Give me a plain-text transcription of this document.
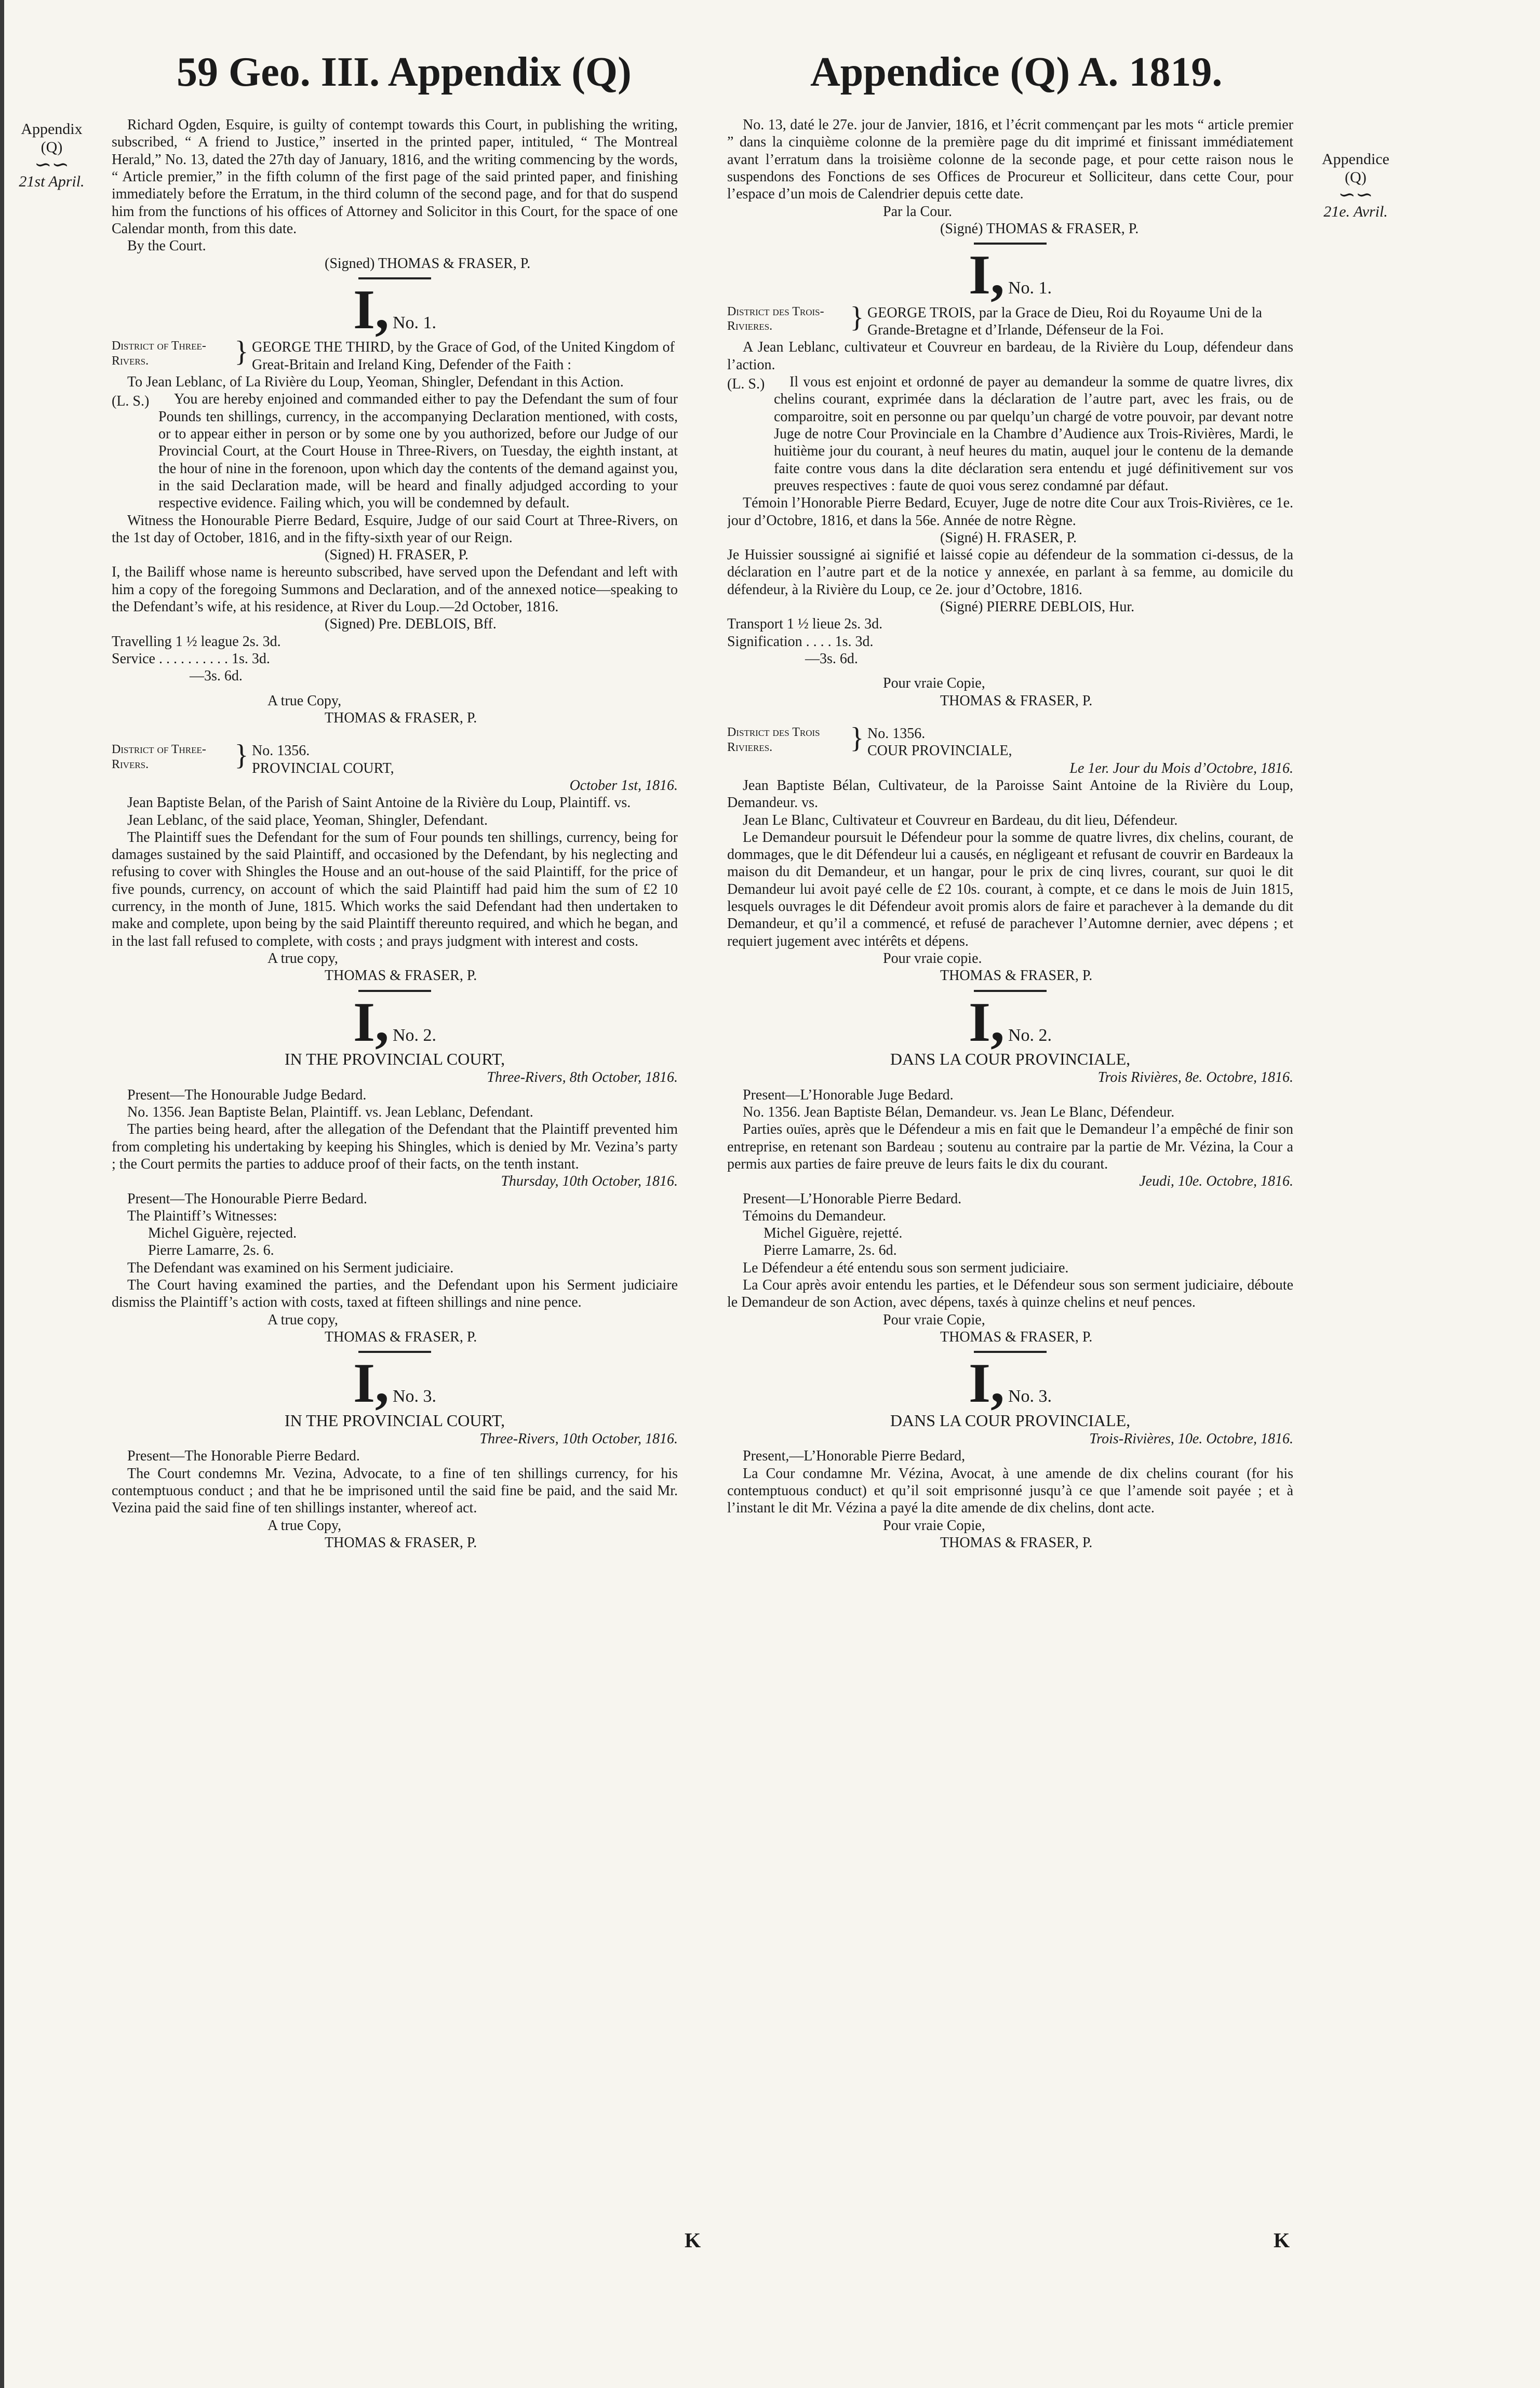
59 Geo. III. Appendix (Q)	Appendice (Q) A. 1819.
Appendix
(Q)
∽∽
21st April.
Appendice
(Q)
∽∽
21e. Avril.

Richard Ogden, Esquire, is guilty of contempt towards this Court, in publishing the writing, subscribed, “ A friend to Justice,” inserted in the printed paper, intituled, “ The Montreal Herald,” No. 13, dated the 27th day of January, 1816, and the writing commencing by the words, “ Article premier,” in the fifth column of the first page of the said printed paper, and finishing immediately before the Erratum, in the third column of the second page, and for that do suspend him from the functions of his offices of Attorney and Solicitor in this Court, for the space of one Calendar month, from this date.

By the Court.

(Signed) THOMAS & FRASER, P.

I, No. 1.
District of Three-Rivers.	} GEORGE THE THIRD, by the Grace of God, of the United Kingdom of Great-Britain and Ireland King, Defender of the Faith :

To Jean Leblanc, of La Rivière du Loup, Yeoman, Shingler, Defendant in this Action.

(L. S.)	You are hereby enjoined and commanded either to pay the Defendant the sum of four Pounds ten shillings, currency, in the accompanying Declaration mentioned, with costs, or to appear either in person or by some one by you authorized, before our Judge of our Provincial Court, at the Court House in Three-Rivers, on Tuesday, the eighth instant, at the hour of nine in the forenoon, upon which day the contents of the demand against you, in the said Declaration made, will be heard and finally adjudged according to your respective evidence. Failing which, you will be condemned by default.

Witness the Honourable Pierre Bedard, Esquire, Judge of our said Court at Three-Rivers, on the 1st day of October, 1816, and in the fifty-sixth year of our Reign.

(Signed) H. FRASER, P.

I, the Bailiff whose name is hereunto subscribed, have served upon the Defendant and left with him a copy of the foregoing Summons and Declaration, and of the annexed notice—speaking to the Defendant’s wife, at his residence, at River du Loup.—2d October, 1816.

(Signed) Pre. DEBLOIS, Bff.

Travelling 1 ½ league 2s. 3d.

Service . . . . . . . . . . 1s. 3d.

—3s. 6d.

A true Copy,

THOMAS & FRASER, P.

District of Three-Rivers.	} No. 1356.
PROVINCIAL COURT,

October 1st, 1816.

Jean Baptiste Belan, of the Parish of Saint Antoine de la Rivière du Loup, Plaintiff. vs.

Jean Leblanc, of the said place, Yeoman, Shingler, Defendant.

The Plaintiff sues the Defendant for the sum of Four pounds ten shillings, currency, being for damages sustained by the said Plaintiff, and occasioned by the Defendant, by his neglecting and refusing to cover with Shingles the House and an out-house of the said Plaintiff, for the price of five pounds, currency, on account of which the said Plaintiff had paid him the sum of £2 10 currency, in the month of June, 1815. Which works the said Defendant had then undertaken to make and complete, upon being by the said Plaintiff thereunto required, and which he began, and in the last fall refused to complete, with costs ; and prays judgment with interest and costs.

A true copy,

THOMAS & FRASER, P.

I, No. 2.

IN THE PROVINCIAL COURT,

Three-Rivers, 8th October, 1816.

Present—The Honourable Judge Bedard.

No. 1356. Jean Baptiste Belan, Plaintiff. vs. Jean Leblanc, Defendant.

The parties being heard, after the allegation of the Defendant that the Plaintiff prevented him from completing his undertaking by keeping his Shingles, which is denied by Mr. Vezina’s party ; the Court permits the parties to adduce proof of their facts, on the tenth instant.

Thursday, 10th October, 1816.

Present—The Honourable Pierre Bedard.

The Plaintiff’s Witnesses:

Michel Giguère, rejected.

Pierre Lamarre, 2s. 6.

The Defendant was examined on his Serment judiciaire.

The Court having examined the parties, and the Defendant upon his Serment judiciaire dismiss the Plaintiff’s action with costs, taxed at fifteen shillings and nine pence.

A true copy,

THOMAS & FRASER, P.

I, No. 3.

IN THE PROVINCIAL COURT,

Three-Rivers, 10th October, 1816.

Present—The Honorable Pierre Bedard.

The Court condemns Mr. Vezina, Advocate, to a fine of ten shillings currency, for his contemptuous conduct ; and that he be imprisoned until the said fine be paid, and the said Mr. Vezina paid the said fine of ten shillings instanter, whereof act.

A true Copy,

THOMAS & FRASER, P.

No. 13, daté le 27e. jour de Janvier, 1816, et l’écrit commençant par les mots “ article premier ” dans la cinquième colonne de la première page du dit imprimé et finissant immédiatement avant l’erratum dans la troisième colonne de la seconde page, et pour cette raison nous le suspendons des Fonctions de ses Offices de Procureur et Solliciteur, dans cette Cour, pour l’espace d’un mois de Calendrier depuis cette date.

Par la Cour.

(Signé) THOMAS & FRASER, P.

I, No. 1.
District des Trois-Rivieres.	} GEORGE TROIS, par la Grace de Dieu, Roi du Royaume Uni de la Grande-Bretagne et d’Irlande, Défenseur de la Foi.

A Jean Leblanc, cultivateur et Couvreur en bardeau, de la Rivière du Loup, défendeur dans l’action.

(L. S.)	Il vous est enjoint et ordonné de payer au demandeur la somme de quatre livres, dix chelins courant, exprimée dans la déclaration de l’autre part, avec les frais, ou de comparoitre, soit en personne ou par quelqu’un chargé de votre pouvoir, par devant notre Juge de notre Cour Provinciale en la Chambre d’Audience aux Trois-Rivières, Mardi, le huitième jour du courant, à neuf heures du matin, auquel jour le contenu de la demande faite contre vous dans la dite déclaration sera entendu et jugé définitivement sur vos preuves respectives : faute de quoi vous serez condamné par défaut.

Témoin l’Honorable Pierre Bedard, Ecuyer, Juge de notre dite Cour aux Trois-Rivières, ce 1e. jour d’Octobre, 1816, et dans la 56e. Année de notre Règne.

(Signé) H. FRASER, P.

Je Huissier soussigné ai signifié et laissé copie au défendeur de la sommation ci-dessus, de la déclaration en l’autre part et de la notice y annexée, en parlant à sa femme, au domicile du défendeur, à la Rivière du Loup, ce 2e. jour d’Octobre, 1816.

(Signé) PIERRE DEBLOIS, Hur.

Transport 1 ½ lieue 2s. 3d.

Signification . . . . 1s. 3d.

—3s. 6d.

Pour vraie Copie,

THOMAS & FRASER, P.

District des Trois Rivieres.	} No. 1356.
COUR PROVINCIALE,

Le 1er. Jour du Mois d’Octobre, 1816.

Jean Baptiste Bélan, Cultivateur, de la Paroisse Saint Antoine de la Rivière du Loup, Demandeur. vs.

Jean Le Blanc, Cultivateur et Couvreur en Bardeau, du dit lieu, Défendeur.

Le Demandeur poursuit le Défendeur pour la somme de quatre livres, dix chelins, courant, de dommages, que le dit Défendeur lui a causés, en négligeant et refusant de couvrir en Bardeaux la maison du dit Demandeur, et un hangar, pour le prix de cinq livres, courant, sur quoi le dit Demandeur lui avoit payé celle de £2 10s. courant, à compte, et ce dans le mois de Juin 1815, lesquels ouvrages le dit Défendeur avoit promis alors de faire et parachever à la demande du dit Demandeur, et qu’il a commencé, et refusé de parachever l’Automne dernier, avec dépens ; et requiert jugement avec intérêts et dépens.

Pour vraie copie.

THOMAS & FRASER, P.

I, No. 2.

DANS LA COUR PROVINCIALE,

Trois Rivières, 8e. Octobre, 1816.

Present—L’Honorable Juge Bedard.

No. 1356. Jean Baptiste Bélan, Demandeur. vs. Jean Le Blanc, Défendeur.

Parties ouïes, après que le Défendeur a mis en fait que le Demandeur l’a empêché de finir son entreprise, en retenant son Bardeau ; soutenu au contraire par la partie de Mr. Vézina, la Cour a permis aux parties de faire preuve de leurs faits le dix du courant.

Jeudi, 10e. Octobre, 1816.

Present—L’Honorable Pierre Bedard.

Témoins du Demandeur.

Michel Giguère, rejetté.

Pierre Lamarre, 2s. 6d.

Le Défendeur a été entendu sous son serment judiciaire.

La Cour après avoir entendu les parties, et le Défendeur sous son serment judiciaire, déboute le Demandeur de son Action, avec dépens, taxés à quinze chelins et neuf pences.

Pour vraie Copie,

THOMAS & FRASER, P.

I, No. 3.

DANS LA COUR PROVINCIALE,

Trois-Rivières, 10e. Octobre, 1816.

Present,—L’Honorable Pierre Bedard,

La Cour condamne Mr. Vézina, Avocat, à une amende de dix chelins courant (for his contemptuous conduct) et qu’il soit emprisonné jusqu’à ce que l’amende soit payée ; et à l’instant le dit Mr. Vézina a payé la dite amende de dix chelins, dont acte.

Pour vraie Copie,

THOMAS & FRASER, P.

K	K
